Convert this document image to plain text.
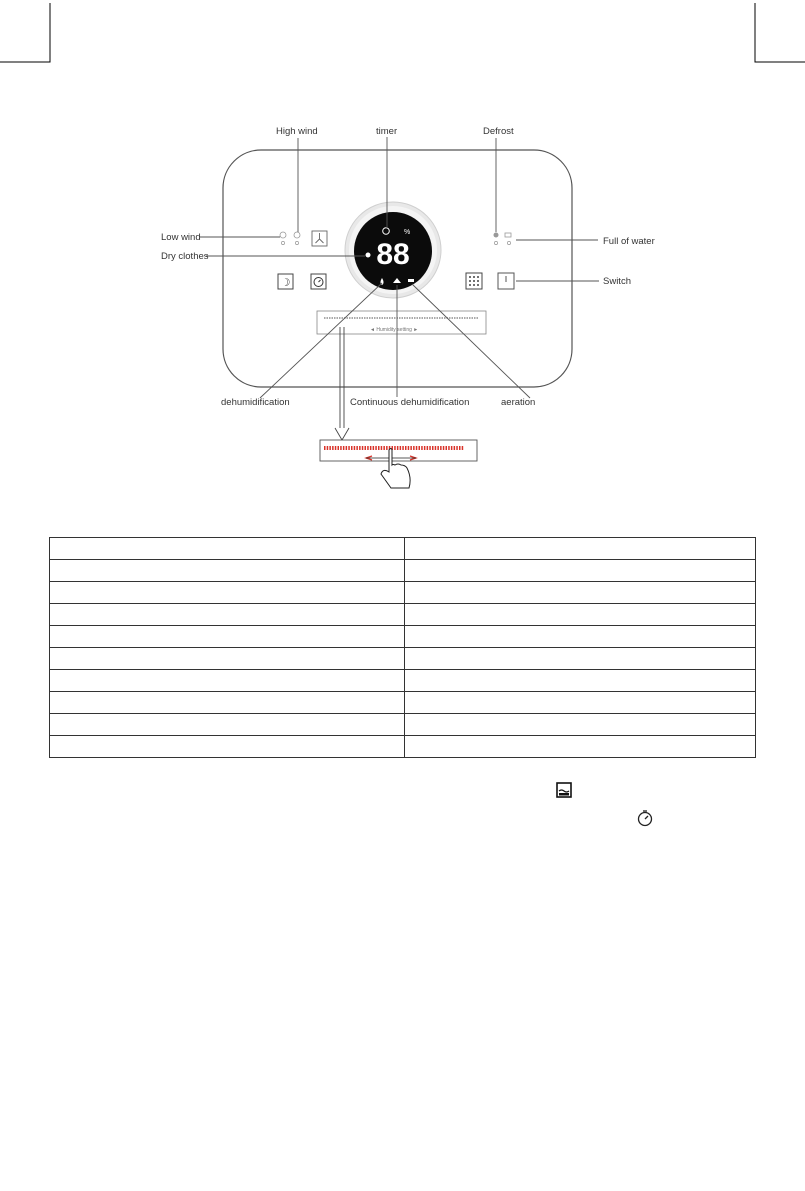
88
%
☽
◄ Humidity setting ►
High wind	timer	Defrost
Low wind
Dry clothes
Full of water
Switch
dehumidification	Continuous dehumidification	aeration
